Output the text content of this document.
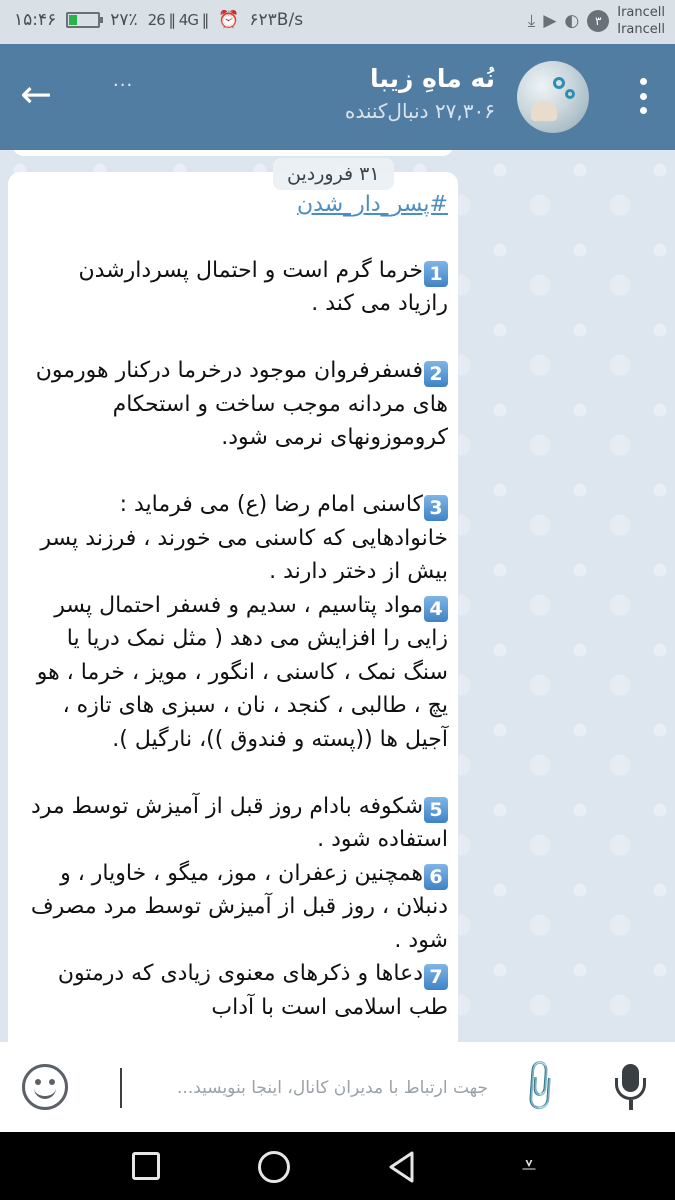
۱۵:۴۶	۲۷٪ 26 ‖ 4G ‖ ⏰ ۶۲۳B/s	⤓ ▶ ◐	۳
Irancell
Irancell
←	...	نُه ماهِ زیبا
۲۷,۳۰۶ دنبال‌کننده
#پسر_دار_شدن
1خرما گرم است و احتمال پسردارشدن رازیاد می کند .
2فسفرفروان موجود درخرما درکنار هورمون های مردانه موجب ساخت و استحکام کروموزونهای نرمی شود.
3کاسنی امام رضا (ع) می فرماید : خانوادهایی که کاسنی می خورند ، فرزند پسر بیش از دختر دارند .
4مواد پتاسیم ، سدیم و فسفر احتمال پسر زایی را افزایش می دهد ( مثل نمک دریا یا سنگ نمک ، کاسنی ، انگور ، مویز ، خرما ، هو یچ ، طالبی ، کنجد ، نان ، سبزی های تازه ، آجیل ها ((پسته و فندوق ))، نارگیل ).
5شکوفه بادام روز قبل از آمیزش توسط مرد استفاده شود .
6همچنین زعفران ، موز، میگو ، خاویار ، و دنبلان ، روز قبل از آمیزش توسط مرد مصرف شود .
7دعاها و ذکرهای معنوی زیادی که درمتون طب اسلامی است با آداب
۳۱ فروردین
جهت ارتباط با مدیران کانال، اینجا بنویسید...
📎
⩡
